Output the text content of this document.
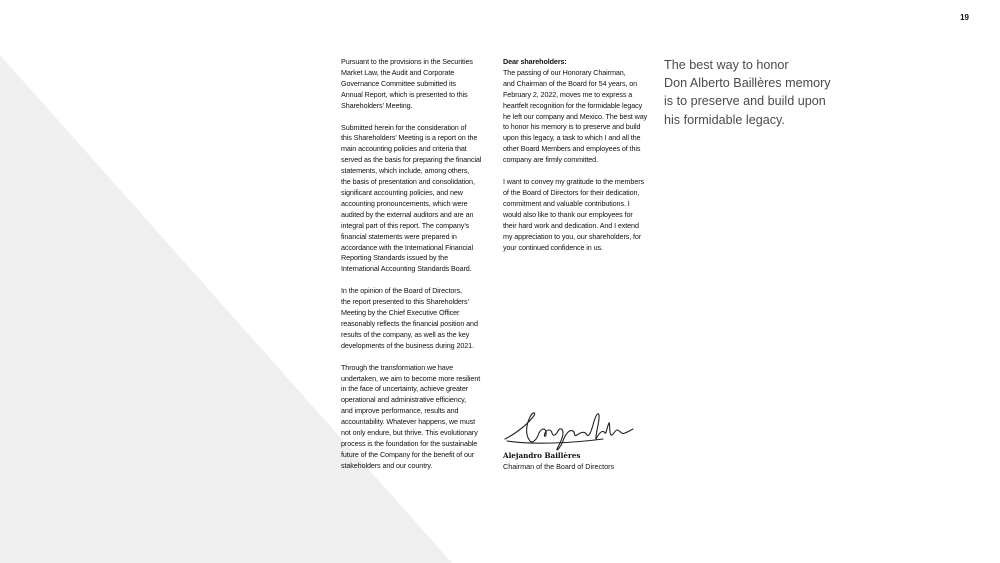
19

Pursuant to the provisions in the Securities
Market Law, the Audit and Corporate
Governance Committee submitted its
Annual Report, which is presented to this
Shareholders’ Meeting.

Submitted herein for the consideration of
this Shareholders’ Meeting is a report on the
main accounting policies and criteria that
served as the basis for preparing the financial
statements, which include, among others,
the basis of presentation and consolidation,
significant accounting policies, and new
accounting pronouncements, which were
audited by the external auditors and are an
integral part of this report. The company’s
financial statements were prepared in
accordance with the International Financial
Reporting Standards issued by the
International Accounting Standards Board.

In the opinion of the Board of Directors,
the report presented to this Shareholders’
Meeting by the Chief Executive Officer
reasonably reflects the financial position and
results of the company, as well as the key
developments of the business during 2021.

Through the transformation we have
undertaken, we aim to become more resilient
in the face of uncertainty, achieve greater
operational and administrative efficiency,
and improve performance, results and
accountability. Whatever happens, we must
not only endure, but thrive. This evolutionary
process is the foundation for the sustainable
future of the Company for the benefit of our
stakeholders and our country.

Dear shareholders:

The passing of our Honorary Chairman,
and Chairman of the Board for 54 years, on
February 2, 2022, moves me to express a
heartfelt recognition for the formidable legacy
he left our company and Mexico. The best way
to honor his memory is to preserve and build
upon this legacy, a task to which I and all the
other Board Members and employees of this
company are firmly committed.

I want to convey my gratitude to the members
of the Board of Directors for their dedication,
commitment and valuable contributions. I
would also like to thank our employees for
their hard work and dedication. And I extend
my appreciation to you, our shareholders, for
your continued confidence in us.

The best way to honor
Don Alberto Baillères memory
is to preserve and build upon
his formidable legacy.
Alejandro Baillères
Chairman of the Board of Directors
